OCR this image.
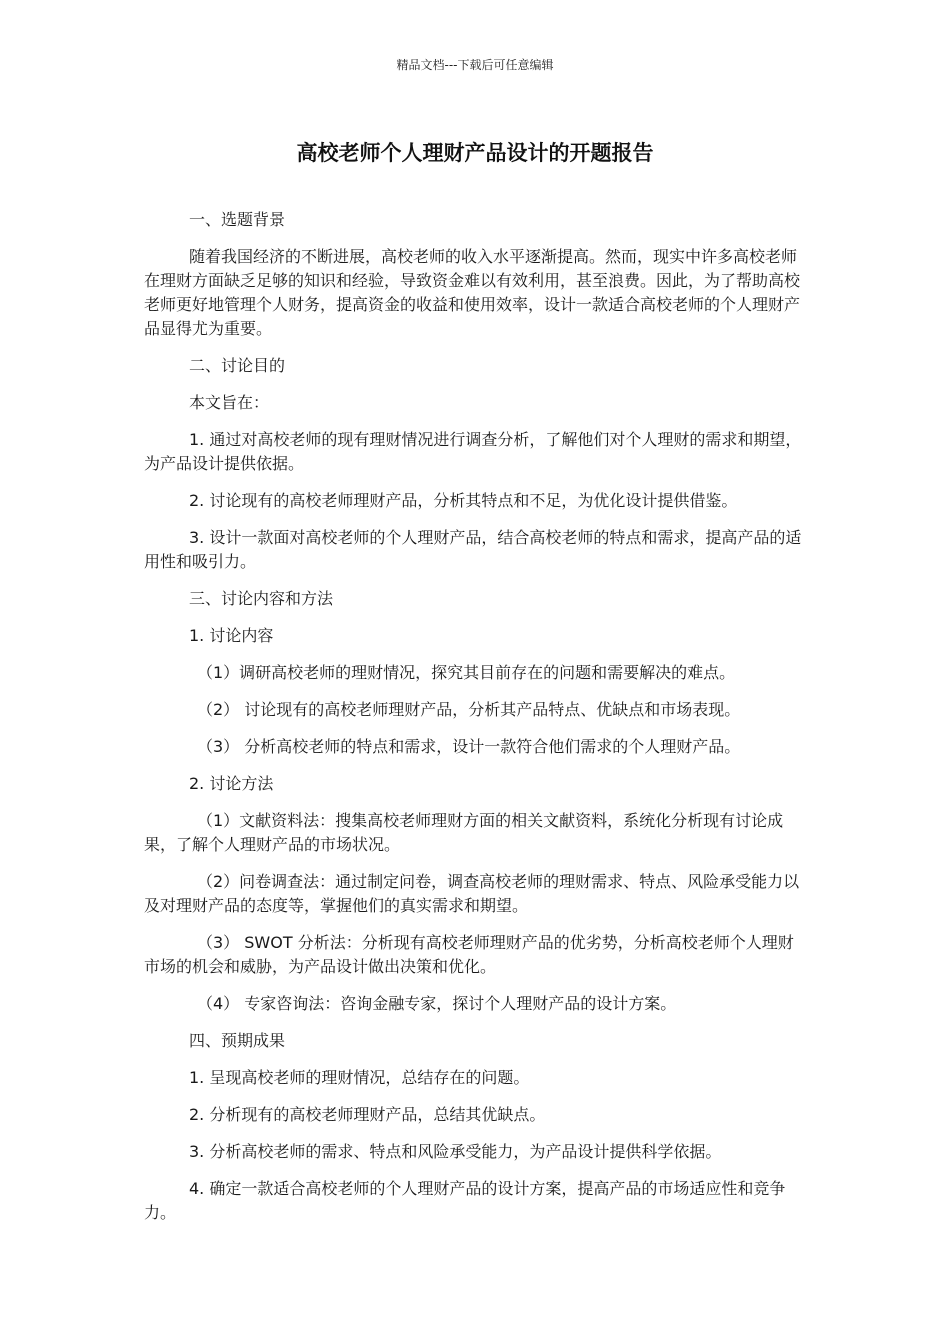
精品文档---下载后可任意编辑
高校老师个人理财产品设计的开题报告

一、选题背景

随着我国经济的不断进展，高校老师的收入水平逐渐提高。然而，现实中许多高校老师在理财方面缺乏足够的知识和经验，导致资金难以有效利用，甚至浪费。因此，为了帮助高校老师更好地管理个人财务，提高资金的收益和使用效率，设计一款适合高校老师的个人理财产品显得尤为重要。

二、讨论目的

本文旨在：

1. 通过对高校老师的现有理财情况进行调查分析，了解他们对个人理财的需求和期望，为产品设计提供依据。

2. 讨论现有的高校老师理财产品，分析其特点和不足，为优化设计提供借鉴。

3. 设计一款面对高校老师的个人理财产品，结合高校老师的特点和需求，提高产品的适用性和吸引力。

三、讨论内容和方法

1. 讨论内容

（1）调研高校老师的理财情况，探究其目前存在的问题和需要解决的难点。

（2） 讨论现有的高校老师理财产品，分析其产品特点、优缺点和市场表现。

（3） 分析高校老师的特点和需求，设计一款符合他们需求的个人理财产品。

2. 讨论方法

（1）文献资料法：搜集高校老师理财方面的相关文献资料，系统化分析现有讨论成果，了解个人理财产品的市场状况。

（2）问卷调查法：通过制定问卷，调查高校老师的理财需求、特点、风险承受能力以及对理财产品的态度等，掌握他们的真实需求和期望。

（3） SWOT 分析法：分析现有高校老师理财产品的优劣势，分析高校老师个人理财市场的机会和威胁，为产品设计做出决策和优化。

（4） 专家咨询法：咨询金融专家，探讨个人理财产品的设计方案。

四、预期成果

1. 呈现高校老师的理财情况，总结存在的问题。

2. 分析现有的高校老师理财产品，总结其优缺点。

3. 分析高校老师的需求、特点和风险承受能力，为产品设计提供科学依据。

4. 确定一款适合高校老师的个人理财产品的设计方案，提高产品的市场适应性和竞争力。
